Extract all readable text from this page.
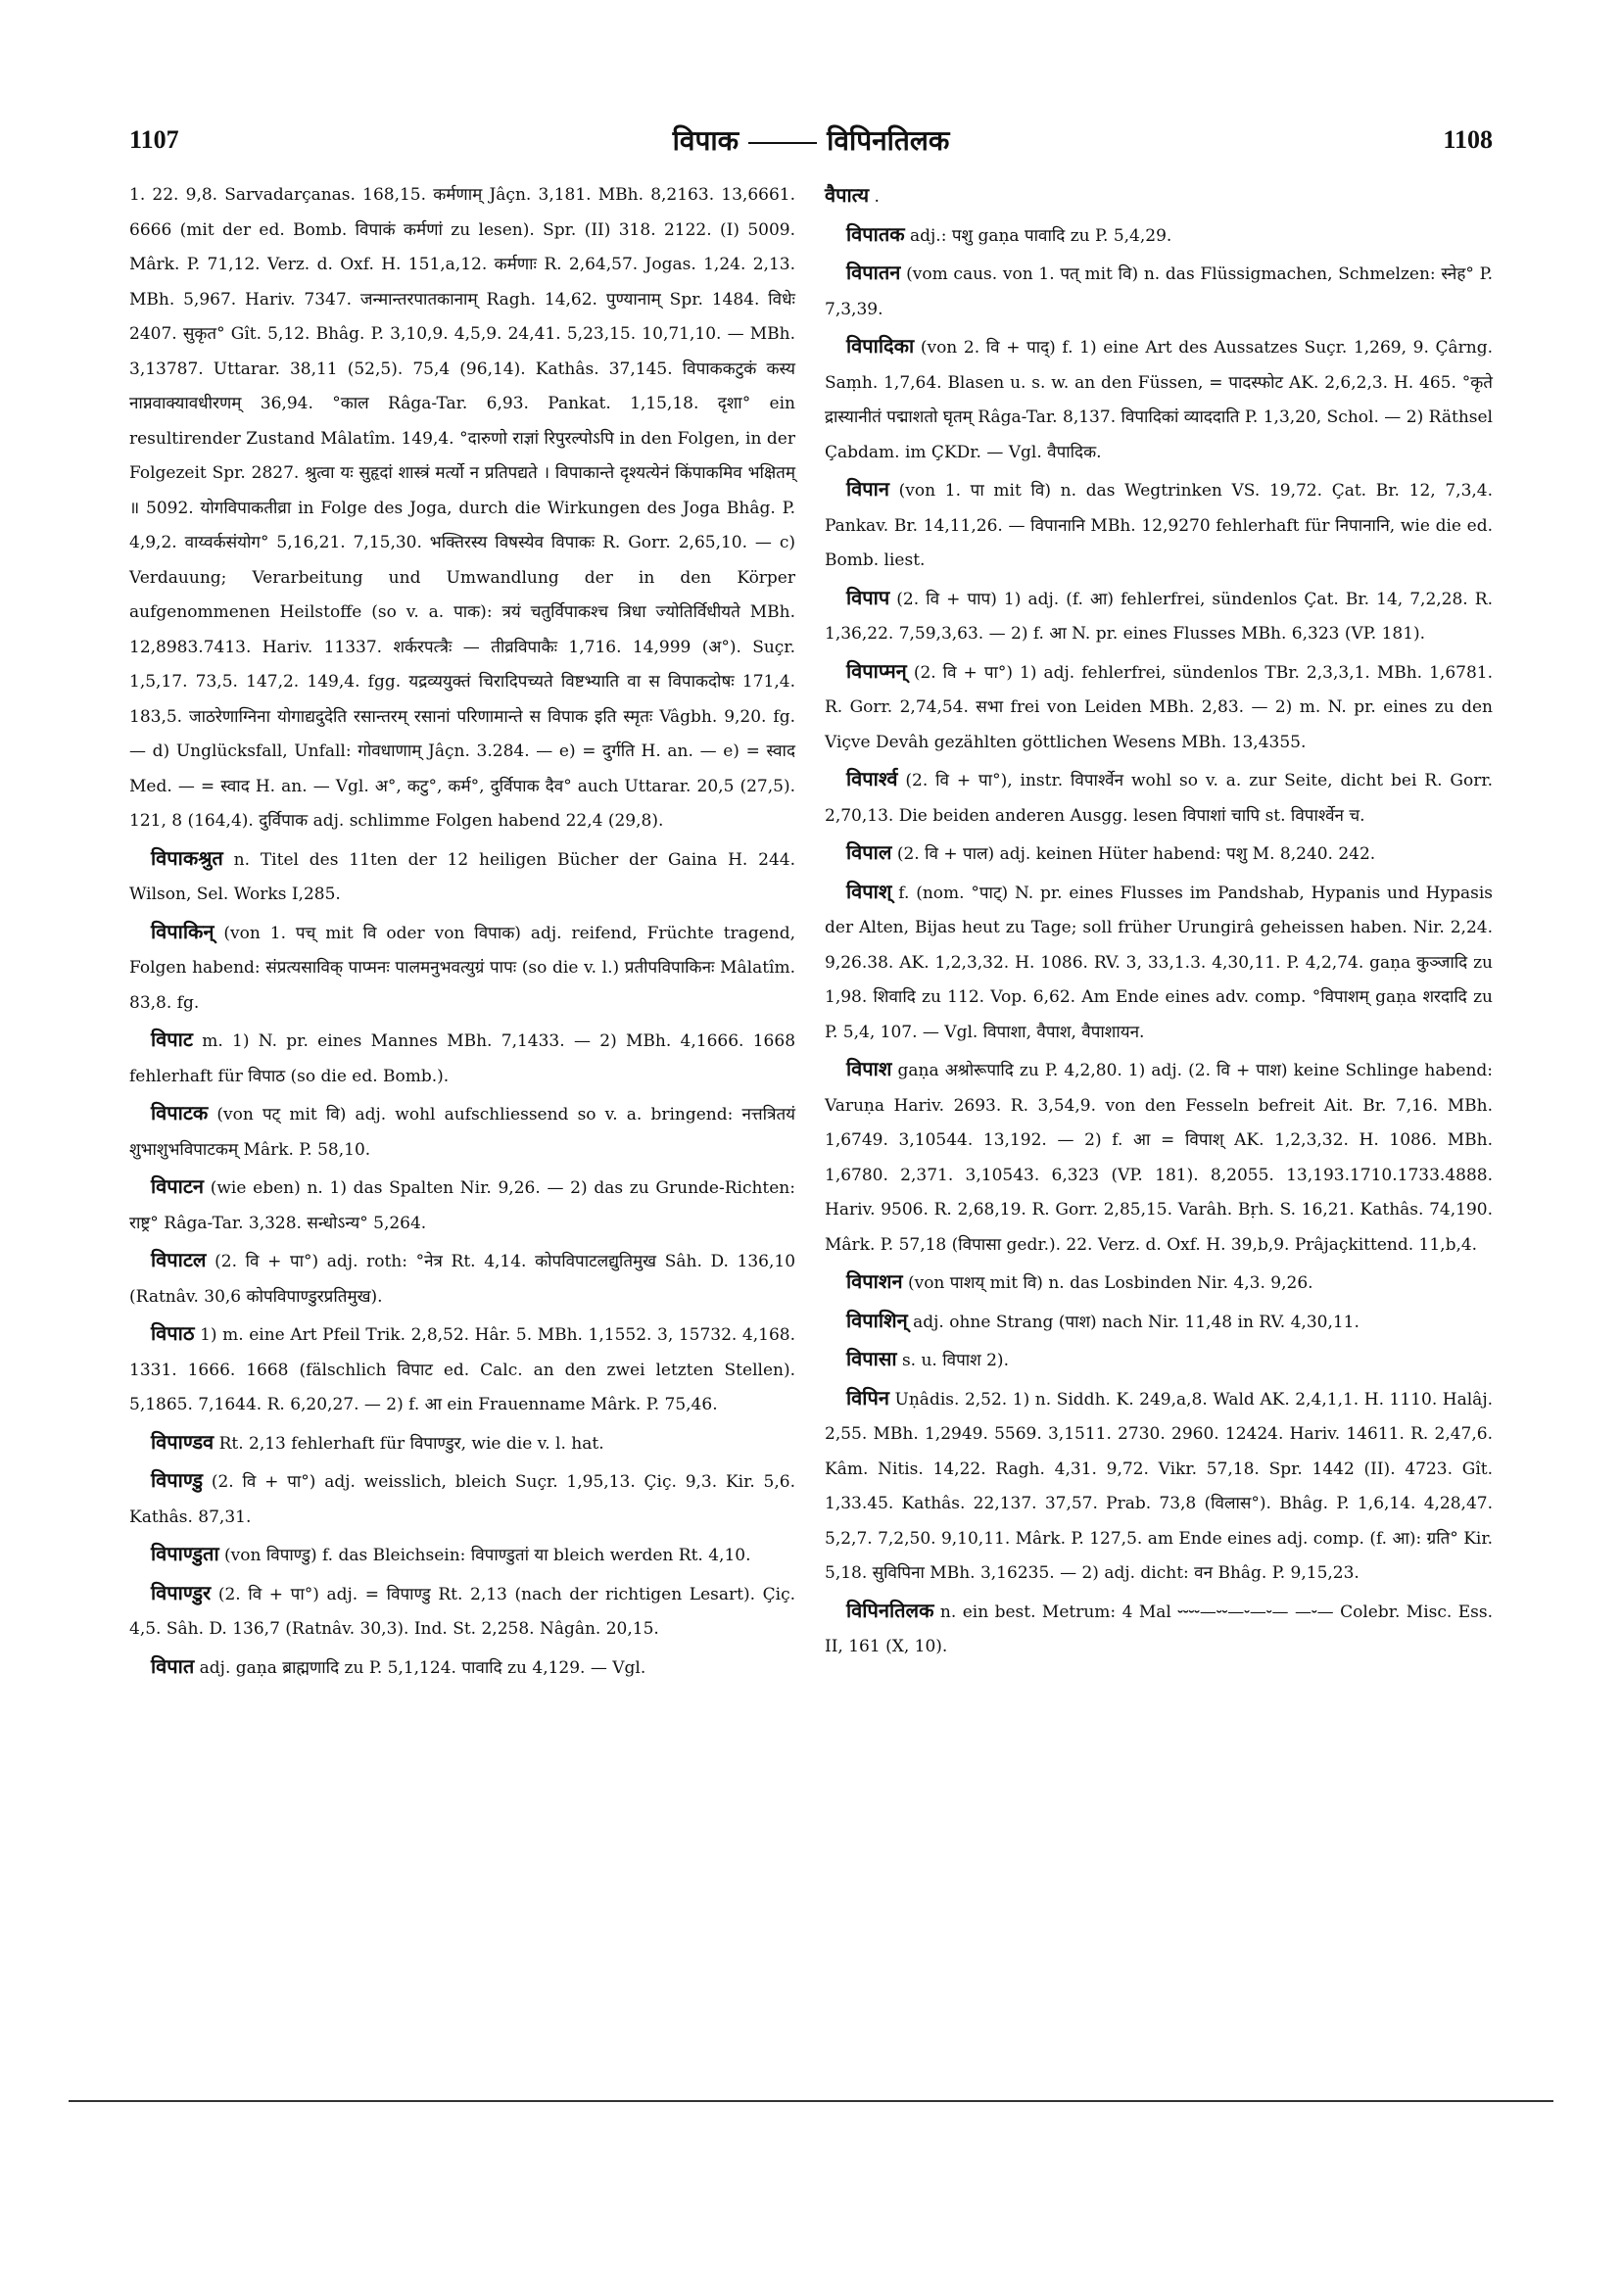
1107	विपाक	विपिनतिलक	1108

1. 22. 9,8. Sarvadarçanas. 168,15. कर्मणाम् Jâçn. 3,181. MBh. 8,2163. 13,6661. 6666 (mit der ed. Bomb. विपाकं कर्मणां zu lesen). Spr. (II) 318. 2122. (I) 5009. Mârk. P. 71,12. Verz. d. Oxf. H. 151,a,12. कर्मणाः R. 2,64,57. Jogas. 1,24. 2,13. MBh. 5,967. Hariv. 7347. जन्मान्तरपातकानाम् Ragh. 14,62. पुण्यानाम् Spr. 1484. विधेः 2407. सुकृत° Gît. 5,12. Bhâg. P. 3,10,9. 4,5,9. 24,41. 5,23,15. 10,71,10. — MBh. 3,13787. Uttarar. 38,11 (52,5). 75,4 (96,14). Kathâs. 37,145. विपाककटुकं कस्य नाप्नवाक्यावधीरणम् 36,94. °काल Râga-Tar. 6,93. Pankat. 1,15,18. दृशा° ein resultirender Zustand Mâlatîm. 149,4. °दारुणो राज्ञां रिपुरल्पोऽपि in den Folgen, in der Folgezeit Spr. 2827. श्रुत्वा यः सुहृदां शास्त्रं मर्त्यो न प्रतिपद्यते । विपाकान्ते दृश्यत्येनं किंपाकमिव भक्षितम् ॥ 5092. योगविपाकतीव्रा in Folge des Joga, durch die Wirkungen des Joga Bhâg. P. 4,9,2. वाय्वर्कसंयोग° 5,16,21. 7,15,30. भक्तिरस्य विषस्येव विपाकः R. Gorr. 2,65,10. — c) Verdauung; Verarbeitung und Umwandlung der in den Körper aufgenommenen Heilstoffe (so v. a. पाक): त्रयं चतुर्विपाकश्च त्रिधा ज्योतिर्विधीयते MBh. 12,8983.7413. Hariv. 11337. शर्करपत्त्रैः — तीव्रविपाकैः 1,716. 14,999 (अ°). Suçr. 1,5,17. 73,5. 147,2. 149,4. fgg. यद्रव्ययुक्तं चिरादिपच्यते विष्टभ्याति वा स विपाकदोषः 171,4. 183,5. जाठरेणाग्निना योगाद्यदुदेति रसान्तरम् रसानां परिणामान्ते स विपाक इति स्मृतः Vâgbh. 9,20. fg. — d) Unglücksfall, Unfall: गोवधाणाम् Jâçn. 3.284. — e) = दुर्गति H. an. — e) = स्वाद Med. — = स्वाद H. an. — Vgl. अ°, कटु°, कर्म°, दुर्विपाक दैव° auch Uttarar. 20,5 (27,5). 121, 8 (164,4). दुर्विपाक adj. schlimme Folgen habend 22,4 (29,8).

विपाकश्रुत n. Titel des 11ten der 12 heiligen Bücher der Gaina H. 244. Wilson, Sel. Works I,285.

विपाकिन् (von 1. पच् mit वि oder von विपाक) adj. reifend, Früchte tragend, Folgen habend: संप्रत्यसाविक् पाप्मनः पालमनुभवत्युग्रं पापः (so die v. l.) प्रतीपविपाकिनः Mâlatîm. 83,8. fg.

विपाट m. 1) N. pr. eines Mannes MBh. 7,1433. — 2) MBh. 4,1666. 1668 fehlerhaft für विपाठ (so die ed. Bomb.).

विपाटक (von पट् mit वि) adj. wohl aufschliessend so v. a. bringend: नत्तत्रितयं शुभाशुभविपाटकम् Mârk. P. 58,10.

विपाटन (wie eben) n. 1) das Spalten Nir. 9,26. — 2) das zu Grunde-Richten: राष्ट्र° Râga-Tar. 3,328. सन्धोऽन्य° 5,264.

विपाटल (2. वि + पा°) adj. roth: °नेत्र Rt. 4,14. कोपविपाटलद्युतिमुख Sâh. D. 136,10 (Ratnâv. 30,6 कोपविपाण्डुरप्रतिमुख).

विपाठ 1) m. eine Art Pfeil Trik. 2,8,52. Hâr. 5. MBh. 1,1552. 3, 15732. 4,168. 1331. 1666. 1668 (fälschlich विपाट ed. Calc. an den zwei letzten Stellen). 5,1865. 7,1644. R. 6,20,27. — 2) f. आ ein Frauenname Mârk. P. 75,46.

विपाण्डव Rt. 2,13 fehlerhaft für विपाण्डुर, wie die v. l. hat.

विपाण्डु (2. वि + पा°) adj. weisslich, bleich Suçr. 1,95,13. Çiç. 9,3. Kir. 5,6. Kathâs. 87,31.

विपाण्डुता (von विपाण्डु) f. das Bleichsein: विपाण्डुतां या bleich werden Rt. 4,10.

विपाण्डुर (2. वि + पा°) adj. = विपाण्डु Rt. 2,13 (nach der richtigen Lesart). Çiç. 4,5. Sâh. D. 136,7 (Ratnâv. 30,3). Ind. St. 2,258. Nâgân. 20,15.

विपात adj. gaṇa ब्राह्मणादि zu P. 5,1,124. पावादि zu 4,129. — Vgl.

वैपात्य .

विपातक adj.: पशु gaṇa पावादि zu P. 5,4,29.

विपातन (vom caus. von 1. पत् mit वि) n. das Flüssigmachen, Schmelzen: स्नेह° P. 7,3,39.

विपादिका (von 2. वि + पाद्) f. 1) eine Art des Aussatzes Suçr. 1,269, 9. Çârng. Saṃh. 1,7,64. Blasen u. s. w. an den Füssen, = पादस्फोट AK. 2,6,2,3. H. 465. °कृते द्रास्यानीतं पद्माशतो घृतम् Râga-Tar. 8,137. विपादिकां व्याददाति P. 1,3,20, Schol. — 2) Räthsel Çabdam. im ÇKDr. — Vgl. वैपादिक.

विपान (von 1. पा mit वि) n. das Wegtrinken VS. 19,72. Çat. Br. 12, 7,3,4. Pankav. Br. 14,11,26. — विपानानि MBh. 12,9270 fehlerhaft für निपानानि, wie die ed. Bomb. liest.

विपाप (2. वि + पाप) 1) adj. (f. आ) fehlerfrei, sündenlos Çat. Br. 14, 7,2,28. R. 1,36,22. 7,59,3,63. — 2) f. आ N. pr. eines Flusses MBh. 6,323 (VP. 181).

विपाप्मन् (2. वि + पा°) 1) adj. fehlerfrei, sündenlos TBr. 2,3,3,1. MBh. 1,6781. R. Gorr. 2,74,54. सभा frei von Leiden MBh. 2,83. — 2) m. N. pr. eines zu den Viçve Devâh gezählten göttlichen Wesens MBh. 13,4355.

विपार्श्व (2. वि + पा°), instr. विपार्श्वेन wohl so v. a. zur Seite, dicht bei R. Gorr. 2,70,13. Die beiden anderen Ausgg. lesen विपाशां चापि st. विपार्श्वेन च.

विपाल (2. वि + पाल) adj. keinen Hüter habend: पशु M. 8,240. 242.

विपाश् f. (nom. °पाट्) N. pr. eines Flusses im Pandshab, Hypanis und Hypasis der Alten, Bijas heut zu Tage; soll früher Urungirâ geheissen haben. Nir. 2,24. 9,26.38. AK. 1,2,3,32. H. 1086. RV. 3, 33,1.3. 4,30,11. P. 4,2,74. gaṇa कुञ्जादि zu 1,98. शिवादि zu 112. Vop. 6,62. Am Ende eines adv. comp. °विपाशम् gaṇa शरदादि zu P. 5,4, 107. — Vgl. विपाशा, वैपाश, वैपाशायन.

विपाश gaṇa अश्रोरूपादि zu P. 4,2,80. 1) adj. (2. वि + पाश) keine Schlinge habend: Varuṇa Hariv. 2693. R. 3,54,9. von den Fesseln befreit Ait. Br. 7,16. MBh. 1,6749. 3,10544. 13,192. — 2) f. आ = विपाश् AK. 1,2,3,32. H. 1086. MBh. 1,6780. 2,371. 3,10543. 6,323 (VP. 181). 8,2055. 13,193.1710.1733.4888. Hariv. 9506. R. 2,68,19. R. Gorr. 2,85,15. Varâh. Bṛh. S. 16,21. Kathâs. 74,190. Mârk. P. 57,18 (विपासा gedr.). 22. Verz. d. Oxf. H. 39,b,9. Prâjaçkittend. 11,b,4.

विपाशन (von पाशय् mit वि) n. das Losbinden Nir. 4,3. 9,26.

विपाशिन् adj. ohne Strang (पाश) nach Nir. 11,48 in RV. 4,30,11.

विपासा s. u. विपाश 2).

विपिन Uṇâdis. 2,52. 1) n. Siddh. K. 249,a,8. Wald AK. 2,4,1,1. H. 1110. Halâj. 2,55. MBh. 1,2949. 5569. 3,1511. 2730. 2960. 12424. Hariv. 14611. R. 2,47,6. Kâm. Nitis. 14,22. Ragh. 4,31. 9,72. Vikr. 57,18. Spr. 1442 (II). 4723. Gît. 1,33.45. Kathâs. 22,137. 37,57. Prab. 73,8 (विलास°). Bhâg. P. 1,6,14. 4,28,47. 5,2,7. 7,2,50. 9,10,11. Mârk. P. 127,5. am Ende eines adj. comp. (f. आ): ग्रति° Kir. 5,18. सुविपिना MBh. 3,16235. — 2) adj. dicht: वन Bhâg. P. 9,15,23.

विपिनतिलक n. ein best. Metrum: 4 Mal ⏑⏑⏑⏑—⏑⏑—⏑—⏑— —⏑— Colebr. Misc. Ess. II, 161 (X, 10).
